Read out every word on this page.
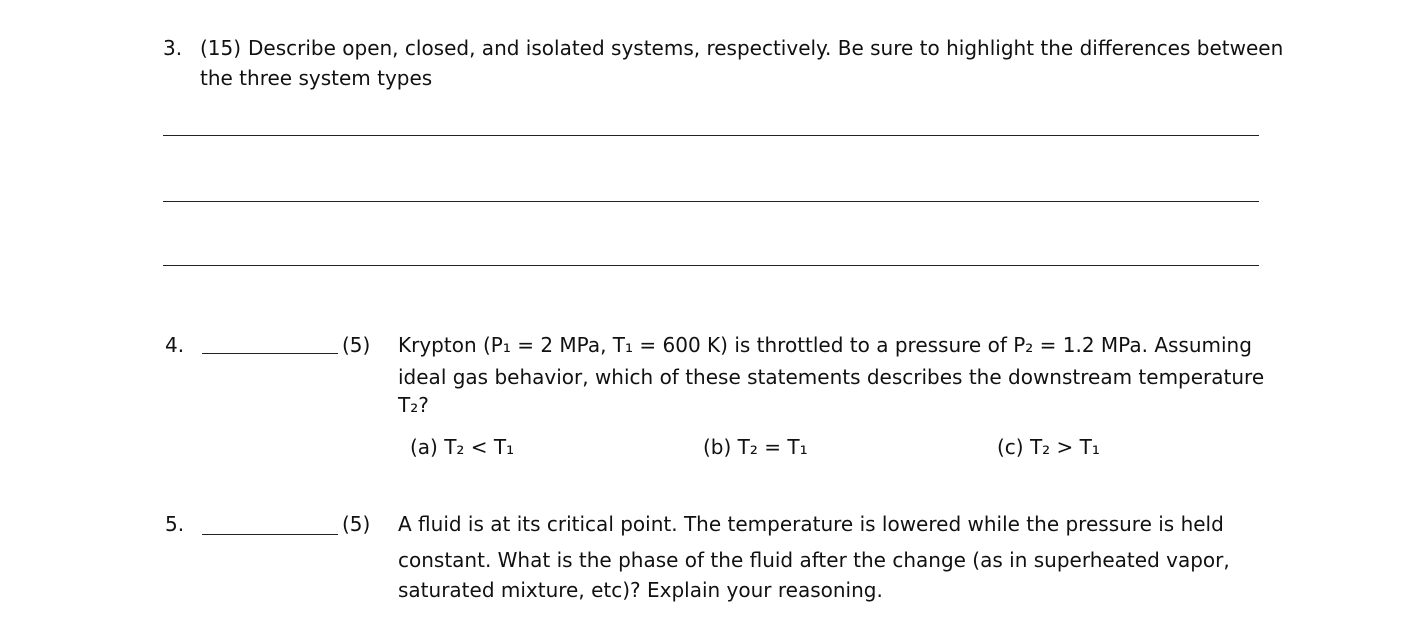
3. (15) Describe open, closed, and isolated systems, respectively. Be sure to highlight the differences between
the three system types
4.	(5) Krypton (P₁ = 2 MPa, T₁ = 600 K) is throttled to a pressure of P₂ = 1.2 MPa. Assuming
ideal gas behavior, which of these statements describes the downstream temperature
T₂?
(a) T₂ < T₁	(b) T₂ = T₁	(c) T₂ > T₁
5.	(5) A fluid is at its critical point. The temperature is lowered while the pressure is held
constant. What is the phase of the fluid after the change (as in superheated vapor,
saturated mixture, etc)? Explain your reasoning.
